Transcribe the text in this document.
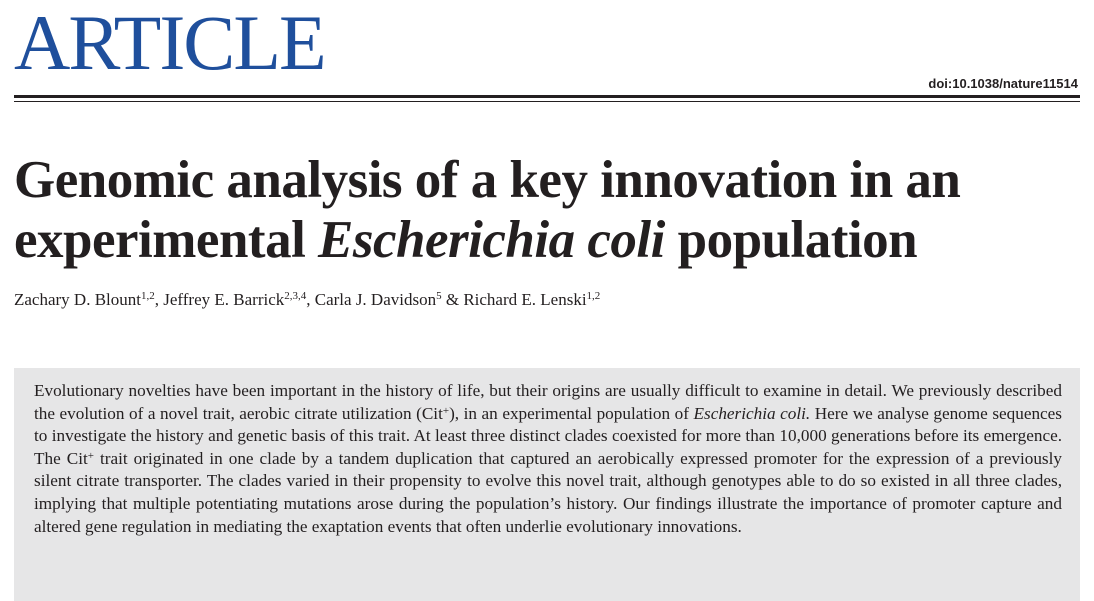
ARTICLE	doi:10.1038/nature11514
Genomic analysis of a key innovation in an
experimental Escherichia coli population
Zachary D. Blount$^{1,2}$, Jeffrey E. Barrick$^{2,3,4}$, Carla J. Davidson$^5$ & Richard E. Lenski$^{1,2}$

Evolutionary novelties have been important in the history of life, but their origins are usually difficult to examine in detail. We previously described the evolution of a novel trait, aerobic citrate utilization (Cit+), in an experimental population of Escherichia coli. Here we analyse genome sequences to investigate the history and genetic basis of this trait. At least three distinct clades coexisted for more than 10,000 generations before its emergence. The Cit+ trait originated in one clade by a tandem duplication that captured an aerobically expressed promoter for the expression of a previously silent citrate transporter. The clades varied in their propensity to evolve this novel trait, although genotypes able to do so existed in all three clades, implying that multiple potentiating mutations arose during the population’s history. Our findings illustrate the importance of promoter capture and altered gene regulation in mediating the exaptation events that often underlie evolutionary innovations.
